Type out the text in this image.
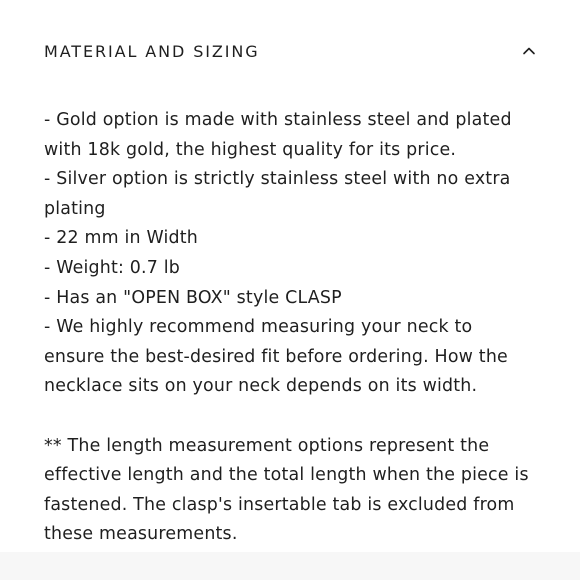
MATERIAL AND SIZING
- Gold option is made with stainless steel and plated
with 18k gold, the highest quality for its price.
- Silver option is strictly stainless steel with no extra
plating
- 22 mm in Width
- Weight: 0.7 lb
- Has an "OPEN BOX" style CLASP
- We highly recommend measuring your neck to
ensure the best-desired fit before ordering. How the
necklace sits on your neck depends on its width.
** The length measurement options represent the
effective length and the total length when the piece is
fastened. The clasp's insertable tab is excluded from
these measurements.
